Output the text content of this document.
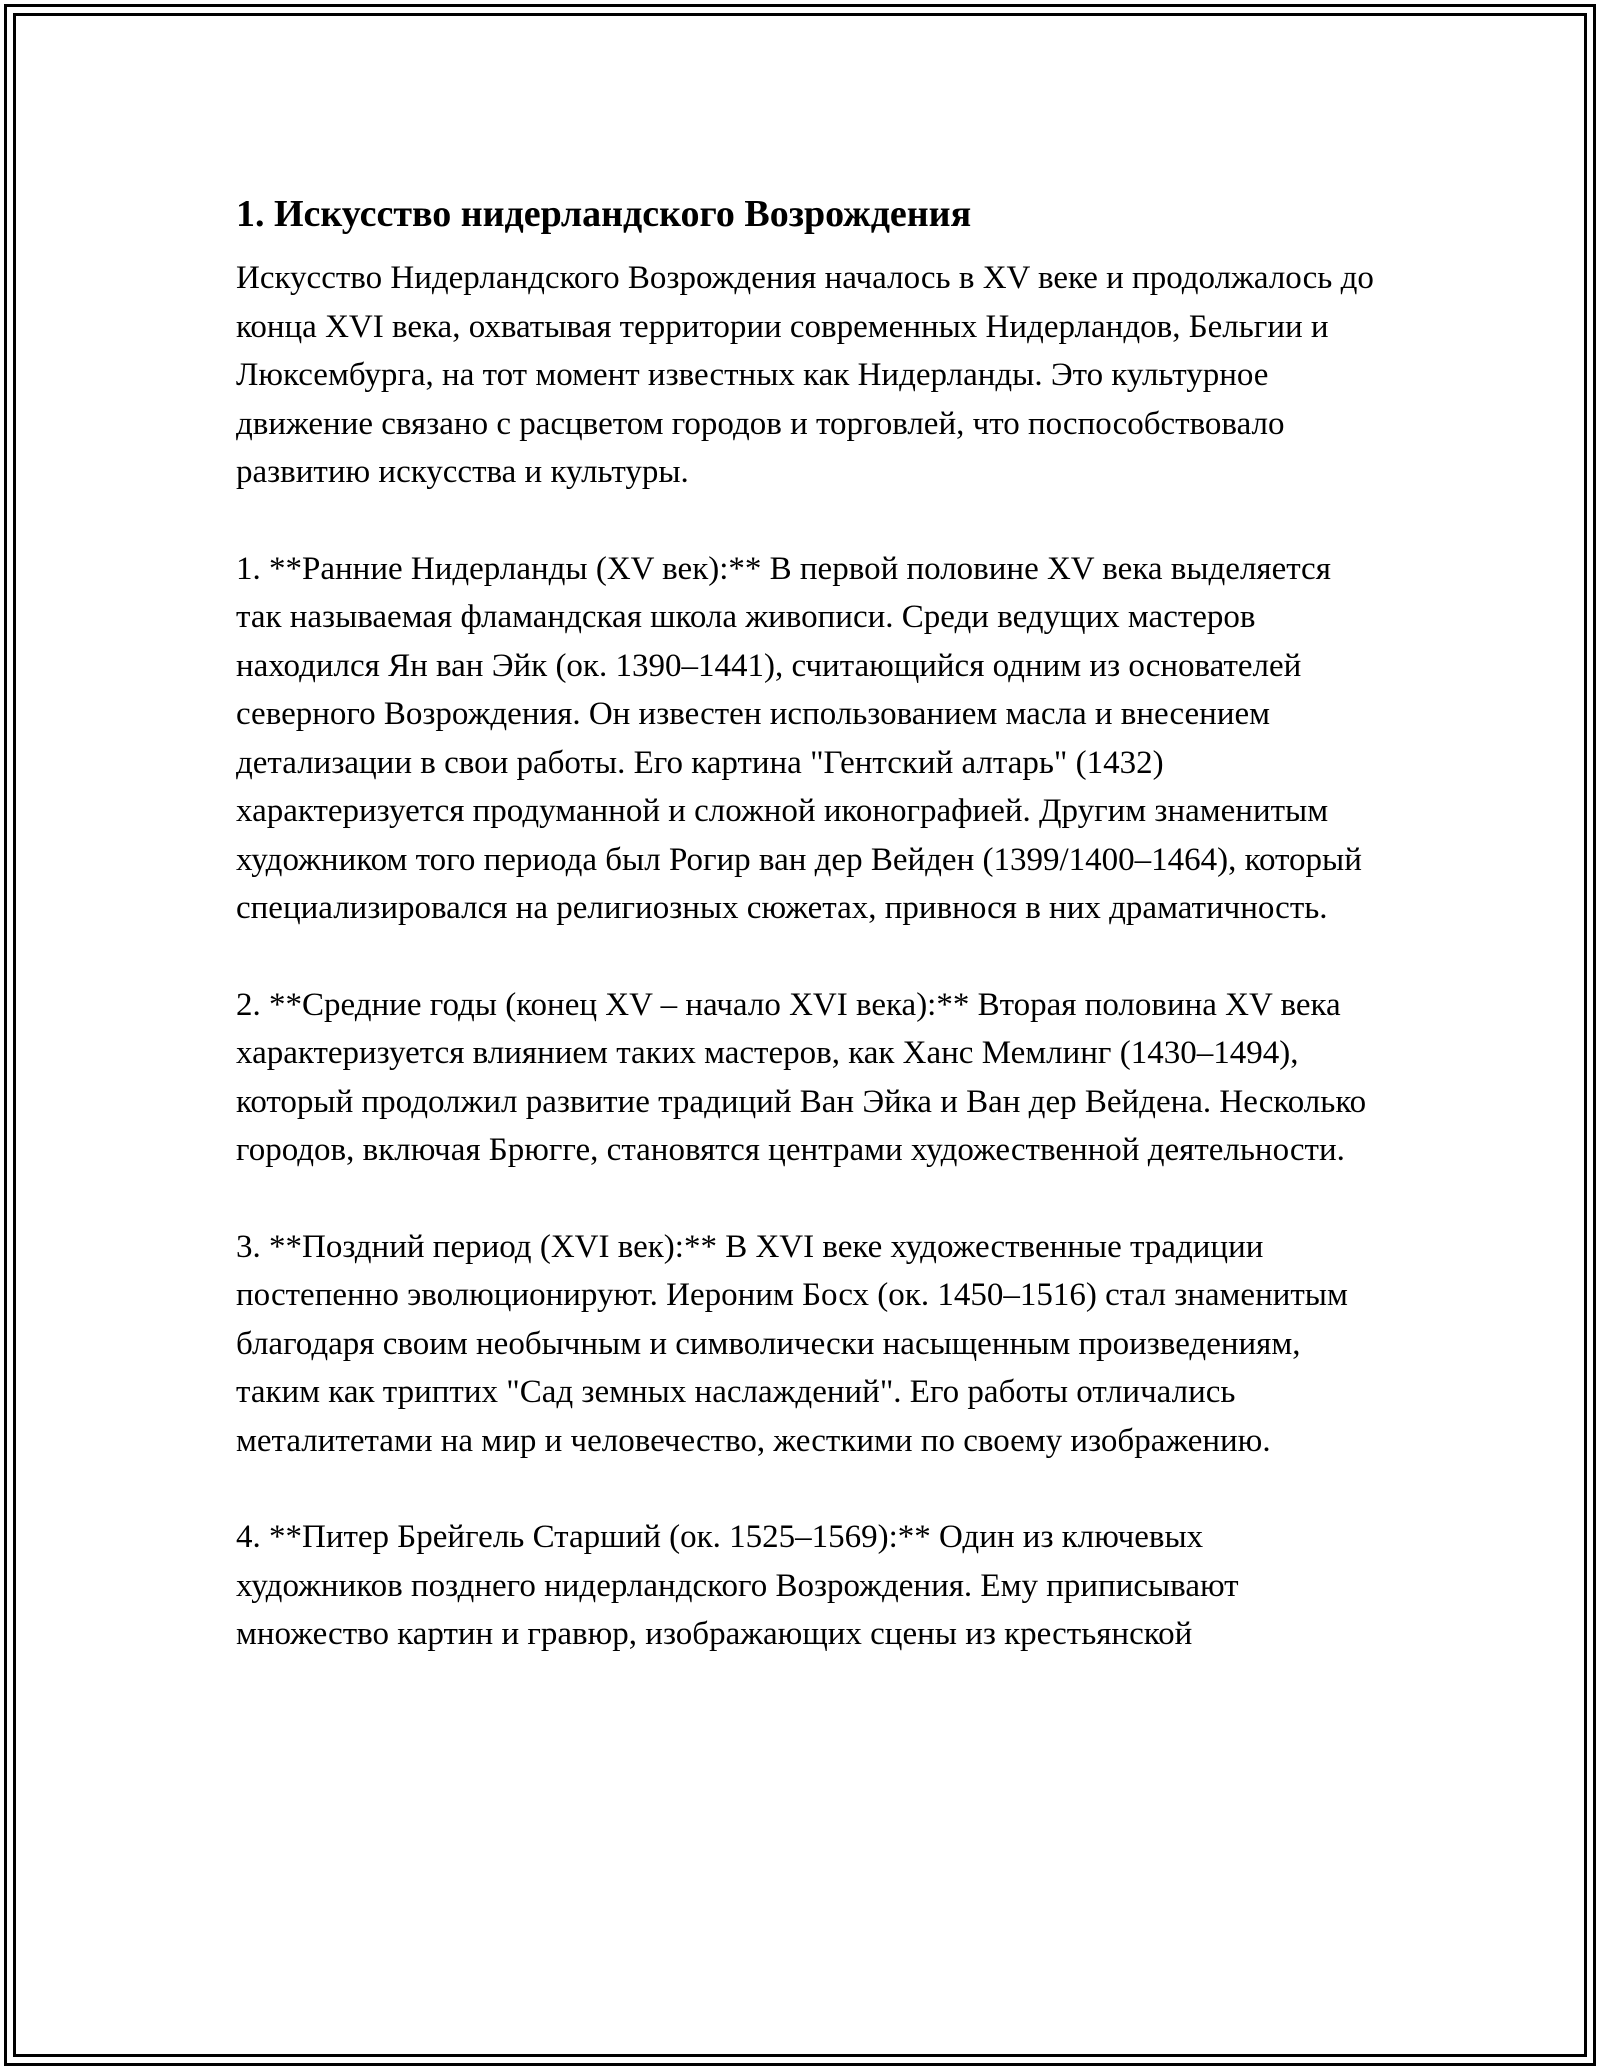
1. Искусство нидерландского Возрождения

Искусство Нидерландского Возрождения началось в XV веке и продолжалось до конца XVI века, охватывая территории современных Нидерландов, Бельгии и Люксембурга, на тот момент известных как Нидерланды. Это культурное движение связано с расцветом городов и торговлей, что поспособствовало развитию искусства и культуры.

1. **Ранние Нидерланды (XV век):** В первой половине XV века выделяется так называемая фламандская школа живописи. Среди ведущих мастеров находился Ян ван Эйк (ок. 1390–1441), считающийся одним из основателей северного Возрождения. Он известен использованием масла и внесением детализации в свои работы. Его картина "Гентский алтарь" (1432) характеризуется продуманной и сложной иконографией. Другим знаменитым художником того периода был Рогир ван дер Вейден (1399/1400–1464), который специализировался на религиозных сюжетах, привнося в них драматичность.

2. **Средние годы (конец XV – начало XVI века):** Вторая половина XV века характеризуется влиянием таких мастеров, как Ханс Мемлинг (1430–1494), который продолжил развитие традиций Ван Эйка и Ван дер Вейдена. Несколько городов, включая Брюгге, становятся центрами художественной деятельности.

3. **Поздний период (XVI век):** В XVI веке художественные традиции постепенно эволюционируют. Иероним Босх (ок. 1450–1516) стал знаменитым благодаря своим необычным и символически насыщенным произведениям, таким как триптих "Сад земных наслаждений". Его работы отличались металитетами на мир и человечество, жесткими по своему изображению.

4. **Питер Брейгель Старший (ок. 1525–1569):** Один из ключевых художников позднего нидерландского Возрождения. Ему приписывают множество картин и гравюр, изображающих сцены из крестьянской
